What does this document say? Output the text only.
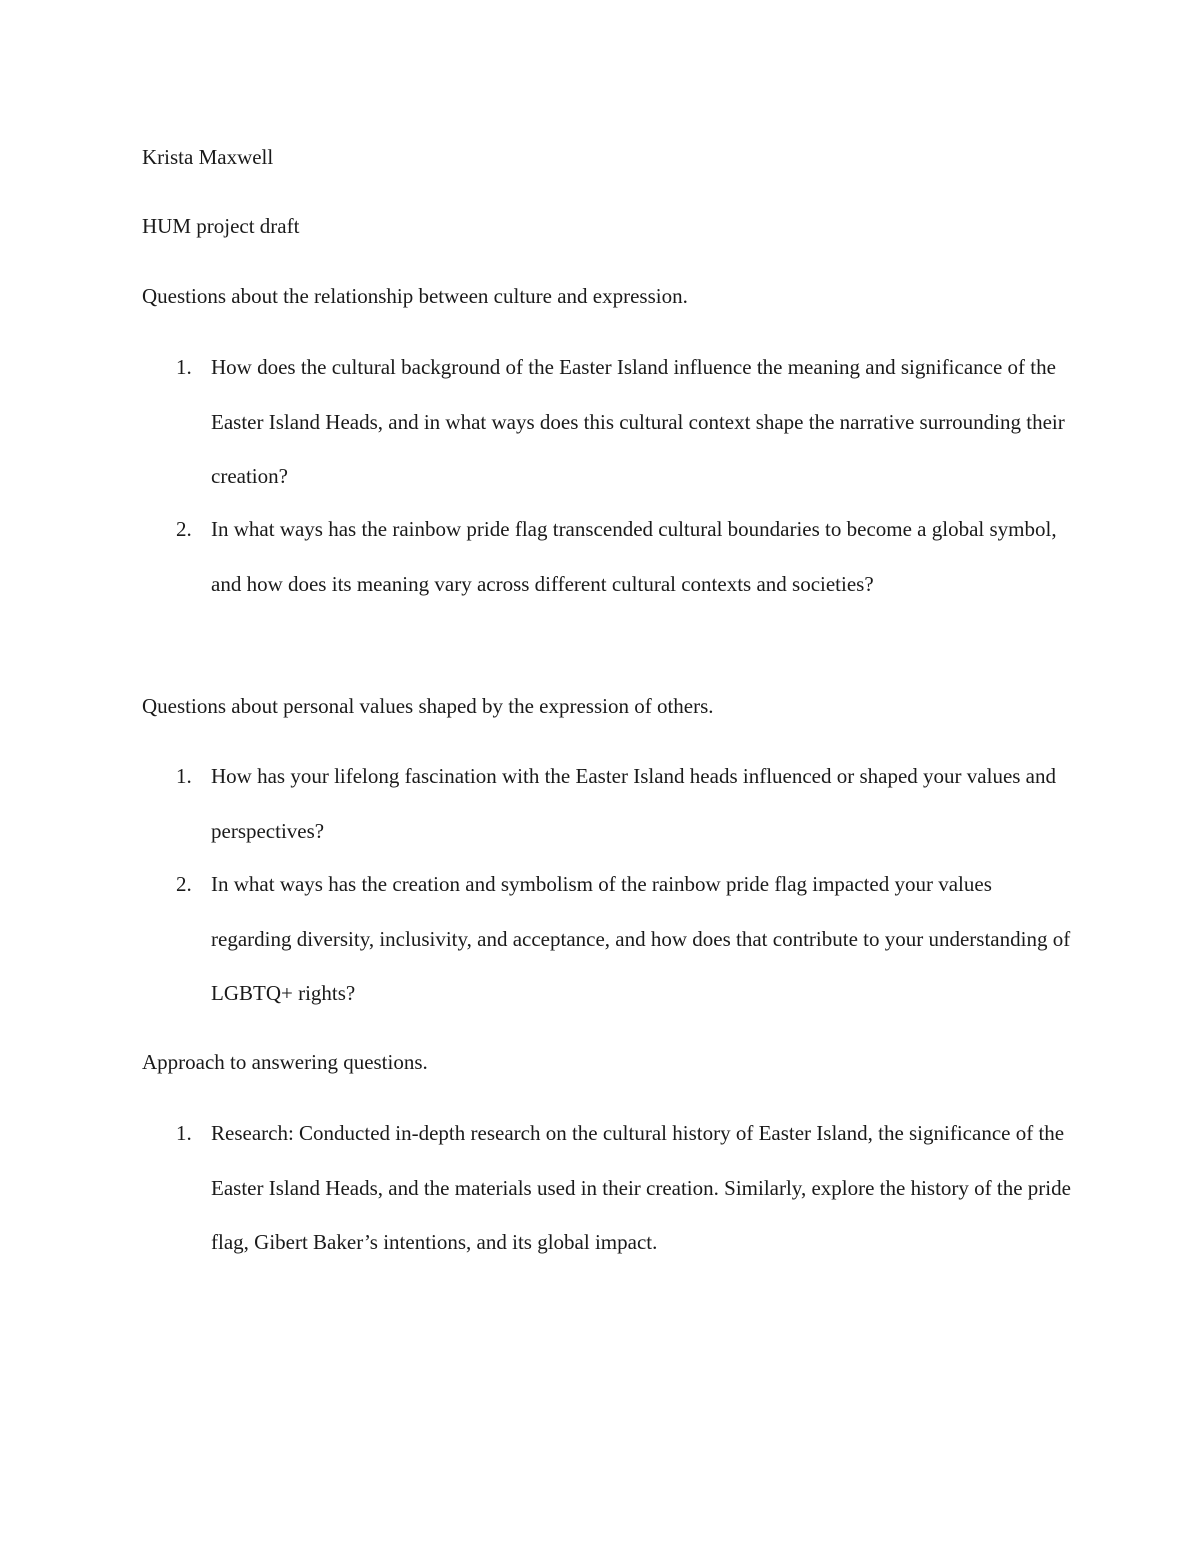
Krista Maxwell
HUM project draft
Questions about the relationship between culture and expression.
1. How does the cultural background of the Easter Island influence the meaning and significance of the Easter Island Heads, and in what ways does this cultural context shape the narrative surrounding their creation?
2. In what ways has the rainbow pride flag transcended cultural boundaries to become a global symbol, and how does its meaning vary across different cultural contexts and societies?
Questions about personal values shaped by the expression of others.
1. How has your lifelong fascination with the Easter Island heads influenced or shaped your values and perspectives?
2. In what ways has the creation and symbolism of the rainbow pride flag impacted your values regarding diversity, inclusivity, and acceptance, and how does that contribute to your understanding of LGBTQ+ rights?
Approach to answering questions.
1. Research: Conducted in-depth research on the cultural history of Easter Island, the significance of the Easter Island Heads, and the materials used in their creation. Similarly, explore the history of the pride flag, Gibert Baker’s intentions, and its global impact.
